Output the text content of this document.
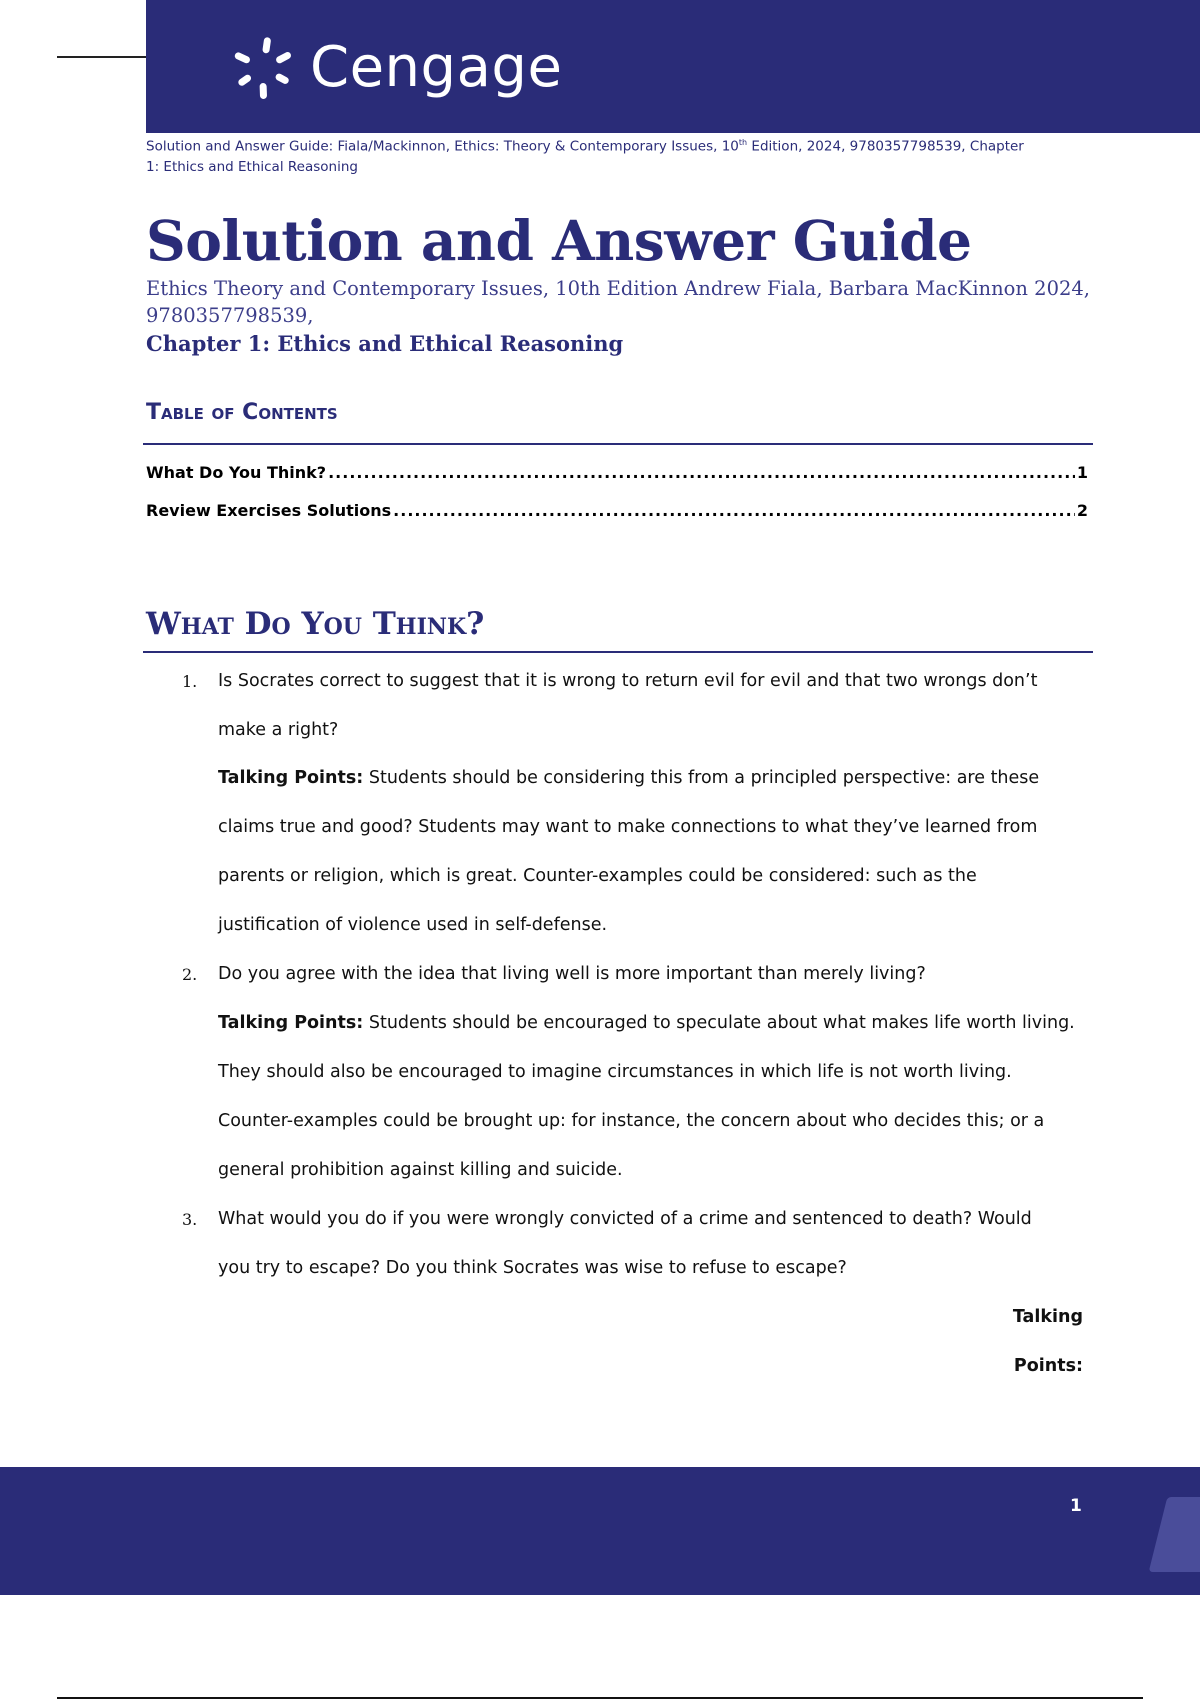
Cengage
Solution and Answer Guide: Fiala/Mackinnon, Ethics: Theory & Contemporary Issues, 10th Edition, 2024, 9780357798539, Chapter
1: Ethics and Ethical Reasoning
Solution and Answer Guide
Ethics Theory and Contemporary Issues, 10th Edition Andrew Fiala, Barbara MacKinnon 2024,
9780357798539,
Chapter 1: Ethics and Ethical Reasoning
Table of Contents
What Do You Think? .....	1
Review Exercises Solutions .....	2
What Do You Think?
1. Is Socrates correct to suggest that it is wrong to return evil for evil and that two wrongs don’t
make a right?
Talking Points: Students should be considering this from a principled perspective: are these
claims true and good? Students may want to make connections to what they’ve learned from
parents or religion, which is great. Counter-examples could be considered: such as the
justification of violence used in self-defense.
2. Do you agree with the idea that living well is more important than merely living?
Talking Points: Students should be encouraged to speculate about what makes life worth living.
They should also be encouraged to imagine circumstances in which life is not worth living.
Counter-examples could be brought up: for instance, the concern about who decides this; or a
general prohibition against killing and suicide.
3. What would you do if you were wrongly convicted of a crime and sentenced to death? Would
you try to escape? Do you think Socrates was wise to refuse to escape?
Talking
Points:
1
